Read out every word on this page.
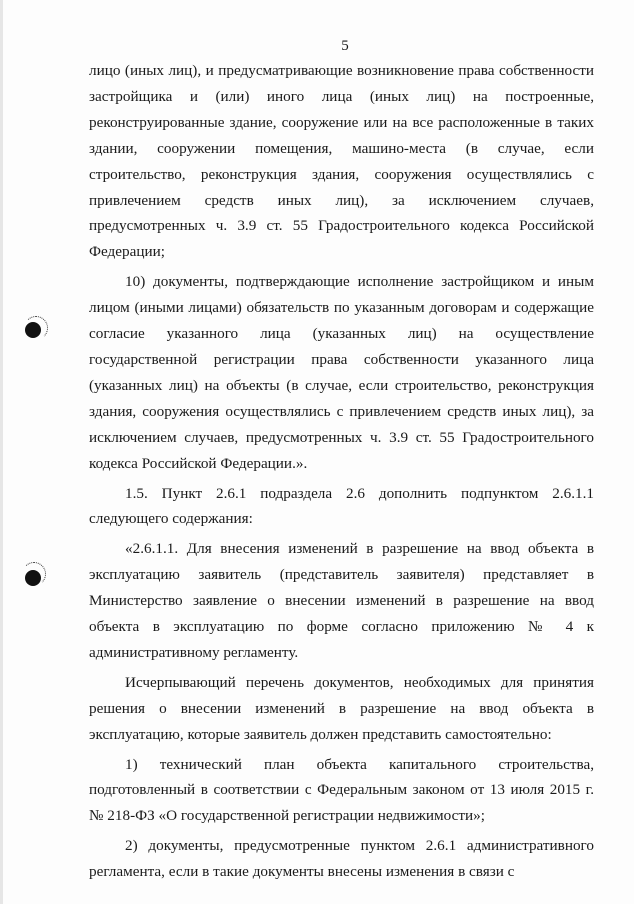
5

лицо (иных лиц), и предусматривающие возникновение права собственности застройщика и (или) иного лица (иных лиц) на построенные, реконструированные здание, сооружение или на все расположенные в таких здании, сооружении помещения, машино-места (в случае, если строительство, реконструкция здания, сооружения осуществлялись с привлечением средств иных лиц), за исключением случаев, предусмотренных ч. 3.9 ст. 55 Градостроительного кодекса Российской Федерации;

10) документы, подтверждающие исполнение застройщиком и иным лицом (иными лицами) обязательств по указанным договорам и содержащие согласие указанного лица (указанных лиц) на осуществление государственной регистрации права собственности указанного лица (указанных лиц) на объекты (в случае, если строительство, реконструкция здания, сооружения осуществлялись с привлечением средств иных лиц), за исключением случаев, предусмотренных ч. 3.9 ст. 55 Градостроительного кодекса Российской Федерации.».

1.5. Пункт 2.6.1 подраздела 2.6 дополнить подпунктом 2.6.1.1 следующего содержания:

«2.6.1.1. Для внесения изменений в разрешение на ввод объекта в эксплуатацию заявитель (представитель заявителя) представляет в Министерство заявление о внесении изменений в разрешение на ввод объекта в эксплуатацию по форме согласно приложению № 4 к административному регламенту.

Исчерпывающий перечень документов, необходимых для принятия решения о внесении изменений в разрешение на ввод объекта в эксплуатацию, которые заявитель должен представить самостоятельно:

1) технический план объекта капитального строительства, подготовленный в соответствии с Федеральным законом от 13 июля 2015 г. № 218-ФЗ «О государственной регистрации недвижимости»;

2) документы, предусмотренные пунктом 2.6.1 административного регламента, если в такие документы внесены изменения в связи с
